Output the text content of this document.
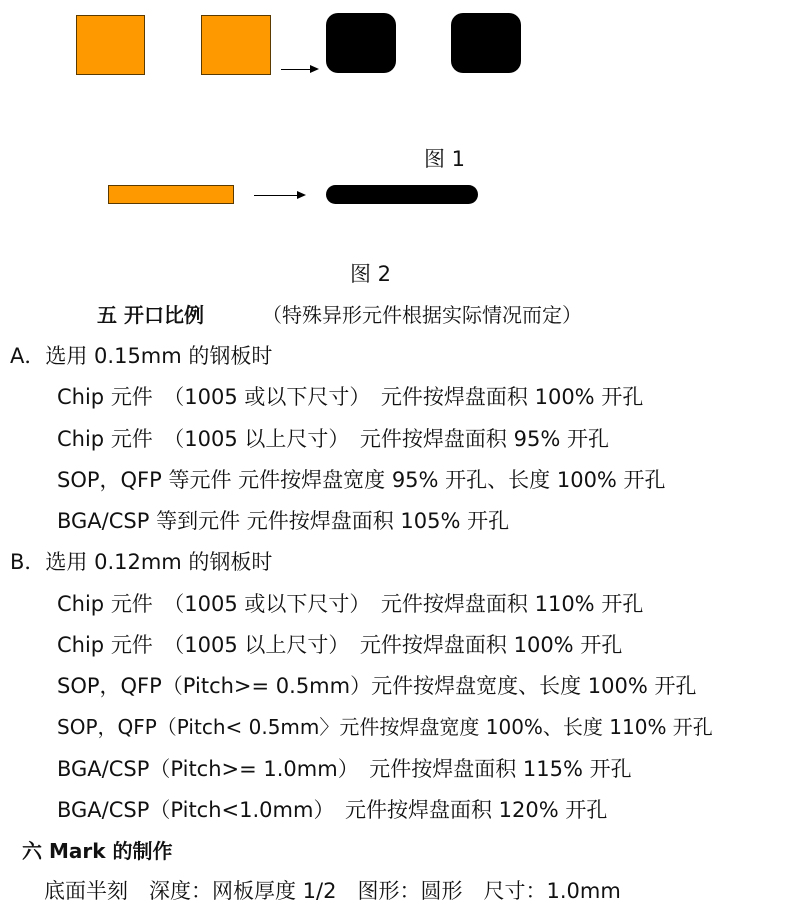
图 1
图 2
五 开口比例	（特殊异形元件根据实际情况而定）
A．选用 0.15mm 的钢板时
Chip 元件　（1005 或以下尺寸）　元件按焊盘面积 100% 开孔
Chip 元件　（1005 以上尺寸）　元件按焊盘面积 95% 开孔
SOP，QFP 等元件 元件按焊盘宽度 95% 开孔、长度 100% 开孔
BGA/CSP 等到元件 元件按焊盘面积 105% 开孔
B．选用 0.12mm 的钢板时
Chip 元件　（1005 或以下尺寸）　元件按焊盘面积 110% 开孔
Chip 元件　（1005 以上尺寸）　元件按焊盘面积 100% 开孔
SOP，QFP（Pitch>= 0.5mm）元件按焊盘宽度、长度 100% 开孔
SOP，QFP（Pitch< 0.5mm〉元件按焊盘宽度 100%、长度 110% 开孔
BGA/CSP（Pitch>= 1.0mm）　元件按焊盘面积 115% 开孔
BGA/CSP（Pitch<1.0mm）　元件按焊盘面积 120% 开孔
六 Mark 的制作
底面半刻　深度：网板厚度 1/2　图形：圆形　尺寸：1.0mm
